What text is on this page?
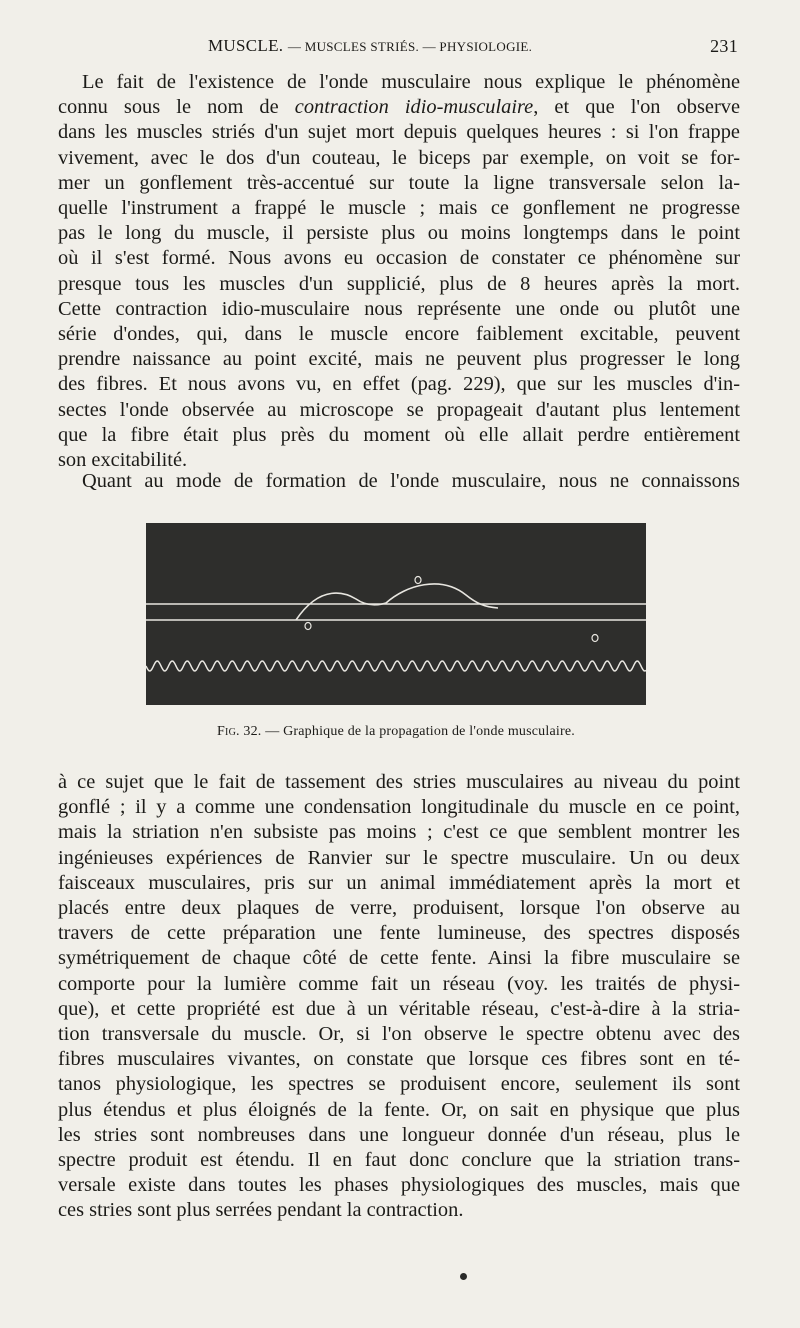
MUSCLE. — MUSCLES STRIÉS. — PHYSIOLOGIE.	231
Le fait de l'existence de l'onde musculaire nous explique le phénomène
connu sous le nom de contraction idio-musculaire, et que l'on observe
dans les muscles striés d'un sujet mort depuis quelques heures : si l'on frappe
vivement, avec le dos d'un couteau, le biceps par exemple, on voit se for-
mer un gonflement très-accentué sur toute la ligne transversale selon la-
quelle l'instrument a frappé le muscle ; mais ce gonflement ne progresse
pas le long du muscle, il persiste plus ou moins longtemps dans le point
où il s'est formé. Nous avons eu occasion de constater ce phénomène sur
presque tous les muscles d'un supplicié, plus de 8 heures après la mort.
Cette contraction idio-musculaire nous représente une onde ou plutôt une
série d'ondes, qui, dans le muscle encore faiblement excitable, peuvent
prendre naissance au point excité, mais ne peuvent plus progresser le long
des fibres. Et nous avons vu, en effet (pag. 229), que sur les muscles d'in-
sectes l'onde observée au microscope se propageait d'autant plus lentement
que la fibre était plus près du moment où elle allait perdre entièrement
son excitabilité.
Quant au mode de formation de l'onde musculaire, nous ne connaissons
Fig. 32. — Graphique de la propagation de l'onde musculaire.
à ce sujet que le fait de tassement des stries musculaires au niveau du point
gonflé ; il y a comme une condensation longitudinale du muscle en ce point,
mais la striation n'en subsiste pas moins ; c'est ce que semblent montrer les
ingénieuses expériences de Ranvier sur le spectre musculaire. Un ou deux
faisceaux musculaires, pris sur un animal immédiatement après la mort et
placés entre deux plaques de verre, produisent, lorsque l'on observe au
travers de cette préparation une fente lumineuse, des spectres disposés
symétriquement de chaque côté de cette fente. Ainsi la fibre musculaire se
comporte pour la lumière comme fait un réseau (voy. les traités de physi-
que), et cette propriété est due à un véritable réseau, c'est-à-dire à la stria-
tion transversale du muscle. Or, si l'on observe le spectre obtenu avec des
fibres musculaires vivantes, on constate que lorsque ces fibres sont en té-
tanos physiologique, les spectres se produisent encore, seulement ils sont
plus étendus et plus éloignés de la fente. Or, on sait en physique que plus
les stries sont nombreuses dans une longueur donnée d'un réseau, plus le
spectre produit est étendu. Il en faut donc conclure que la striation trans-
versale existe dans toutes les phases physiologiques des muscles, mais que
ces stries sont plus serrées pendant la contraction.
